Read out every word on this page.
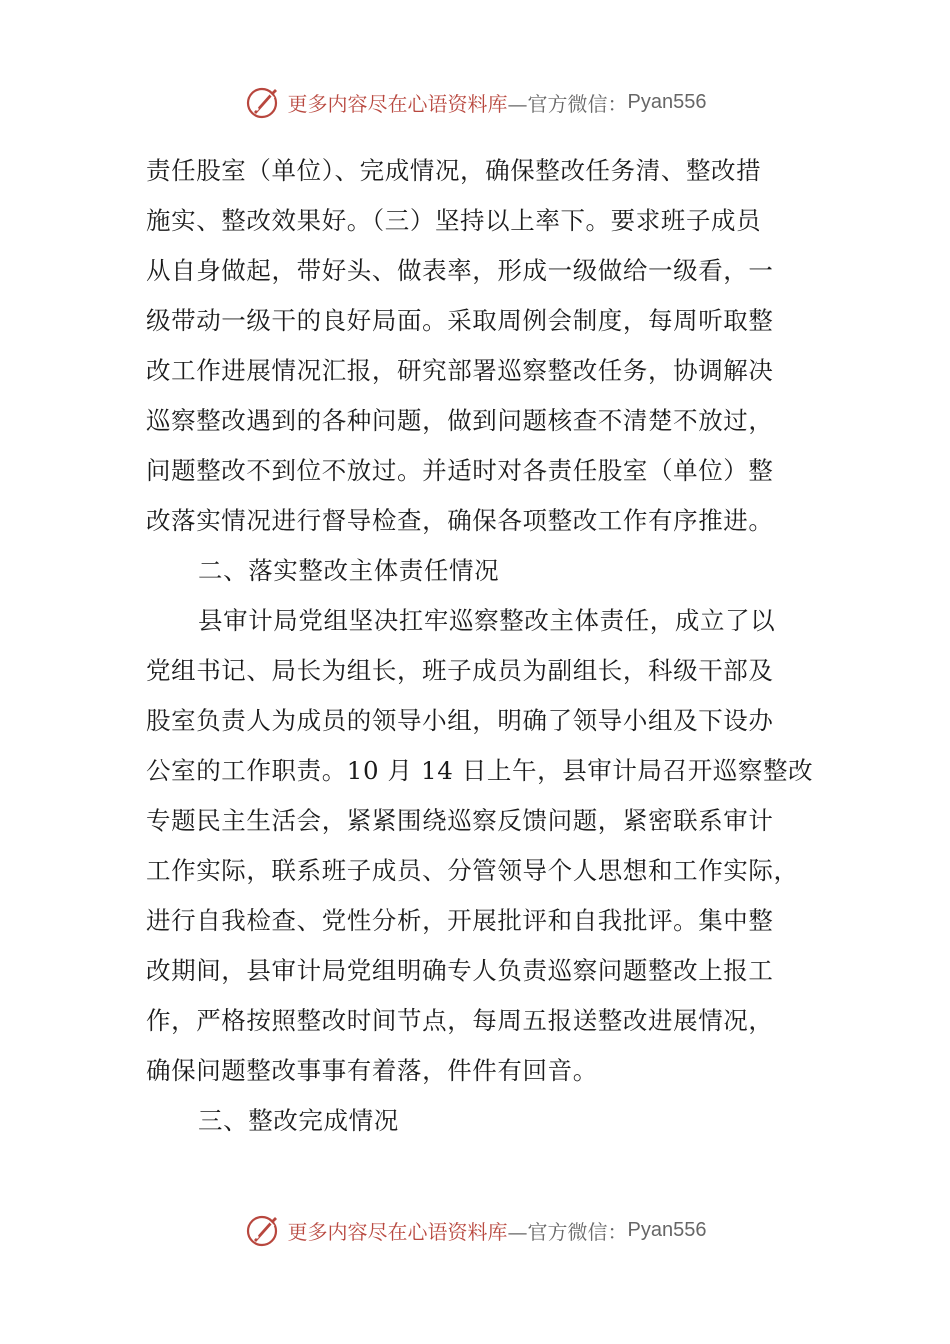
更多内容尽在心语资料库 —官方微信： Pyan556
责任股室（单位）、完成情况，确保整改任务清、整改措
施实、整改效果好。（三）坚持以上率下。要求班子成员
从自身做起，带好头、做表率，形成一级做给一级看，一
级带动一级干的良好局面。采取周例会制度，每周听取整
改工作进展情况汇报，研究部署巡察整改任务，协调解决
巡察整改遇到的各种问题，做到问题核查不清楚不放过，
问题整改不到位不放过。并适时对各责任股室（单位）整
改落实情况进行督导检查，确保各项整改工作有序推进。
二、落实整改主体责任情况
县审计局党组坚决扛牢巡察整改主体责任，成立了以
党组书记、局长为组长，班子成员为副组长，科级干部及
股室负责人为成员的领导小组，明确了领导小组及下设办
公室的工作职责。10 月 14 日上午，县审计局召开巡察整改
专题民主生活会，紧紧围绕巡察反馈问题，紧密联系审计
工作实际，联系班子成员、分管领导个人思想和工作实际，
进行自我检查、党性分析，开展批评和自我批评。集中整
改期间，县审计局党组明确专人负责巡察问题整改上报工
作，严格按照整改时间节点，每周五报送整改进展情况，
确保问题整改事事有着落，件件有回音。
三、整改完成情况
更多内容尽在心语资料库 —官方微信： Pyan556
